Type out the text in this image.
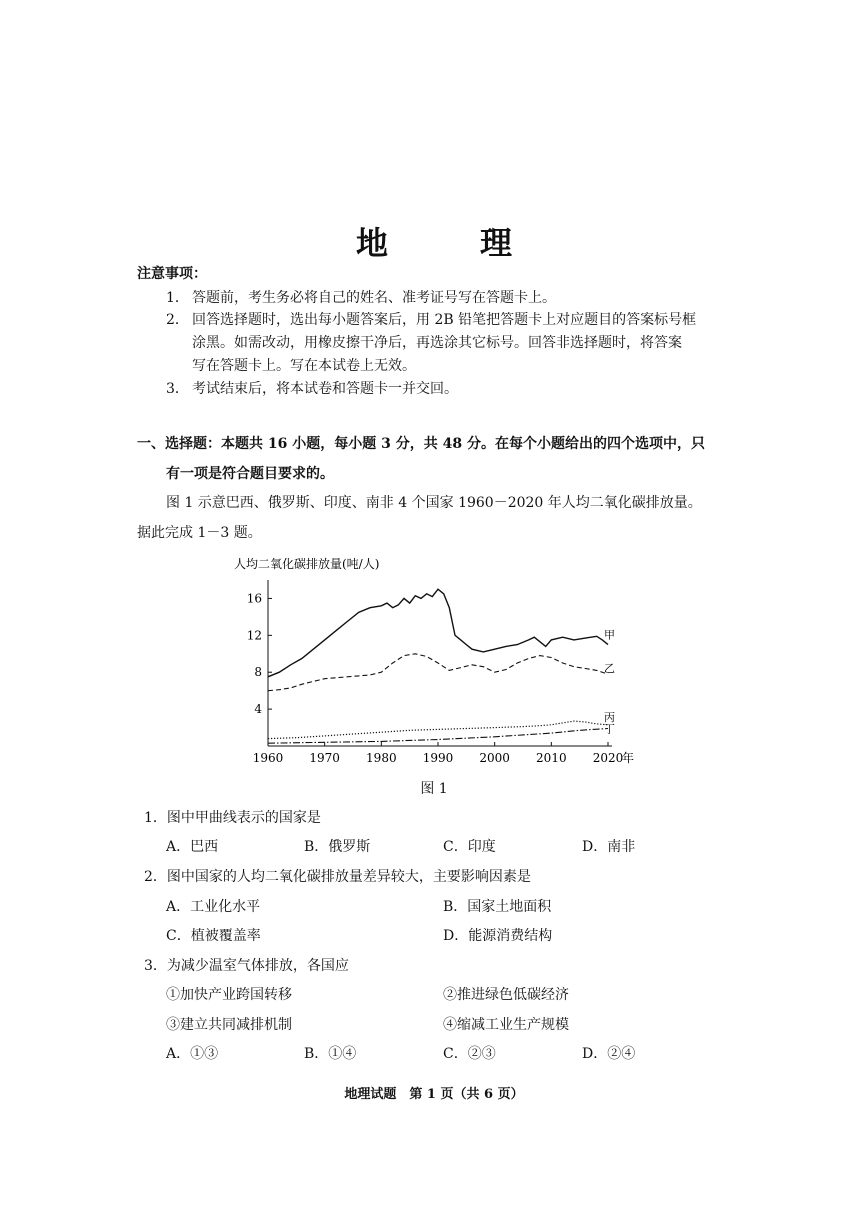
地　理
注意事项：
1． 答题前，考生务必将自己的姓名、准考证号写在答题卡上。
2． 回答选择题时，选出每小题答案后，用 2B 铅笔把答题卡上对应题目的答案标号框
涂黑。如需改动，用橡皮擦干净后，再选涂其它标号。回答非选择题时，将答案
写在答题卡上。写在本试卷上无效。
3． 考试结束后，将本试卷和答题卡一并交回。
一、选择题：本题共 16 小题，每小题 3 分，共 48 分。在每个小题给出的四个选项中，只
有一项是符合题目要求的。
图 1 示意巴西、俄罗斯、印度、南非 4 个国家 1960－2020 年人均二氧化碳排放量。
据此完成 1－3 题。
人均二氧化碳排放量(吨/人)
年
1960 1970 1980 1990 2000 2010 2020
4
8
12
16
甲
乙
丙
丁
图 1
1．图中甲曲线表示的国家是
A．巴西	B．俄罗斯	C．印度	D．南非
2．图中国家的人均二氧化碳排放量差异较大，主要影响因素是
A．工业化水平	B．国家土地面积
C．植被覆盖率	D．能源消费结构
3．为减少温室气体排放，各国应
①加快产业跨国转移	②推进绿色低碳经济
③建立共同减排机制	④缩减工业生产规模
A．①③	B．①④	C．②③	D．②④
地理试题　第 1 页（共 6 页）
